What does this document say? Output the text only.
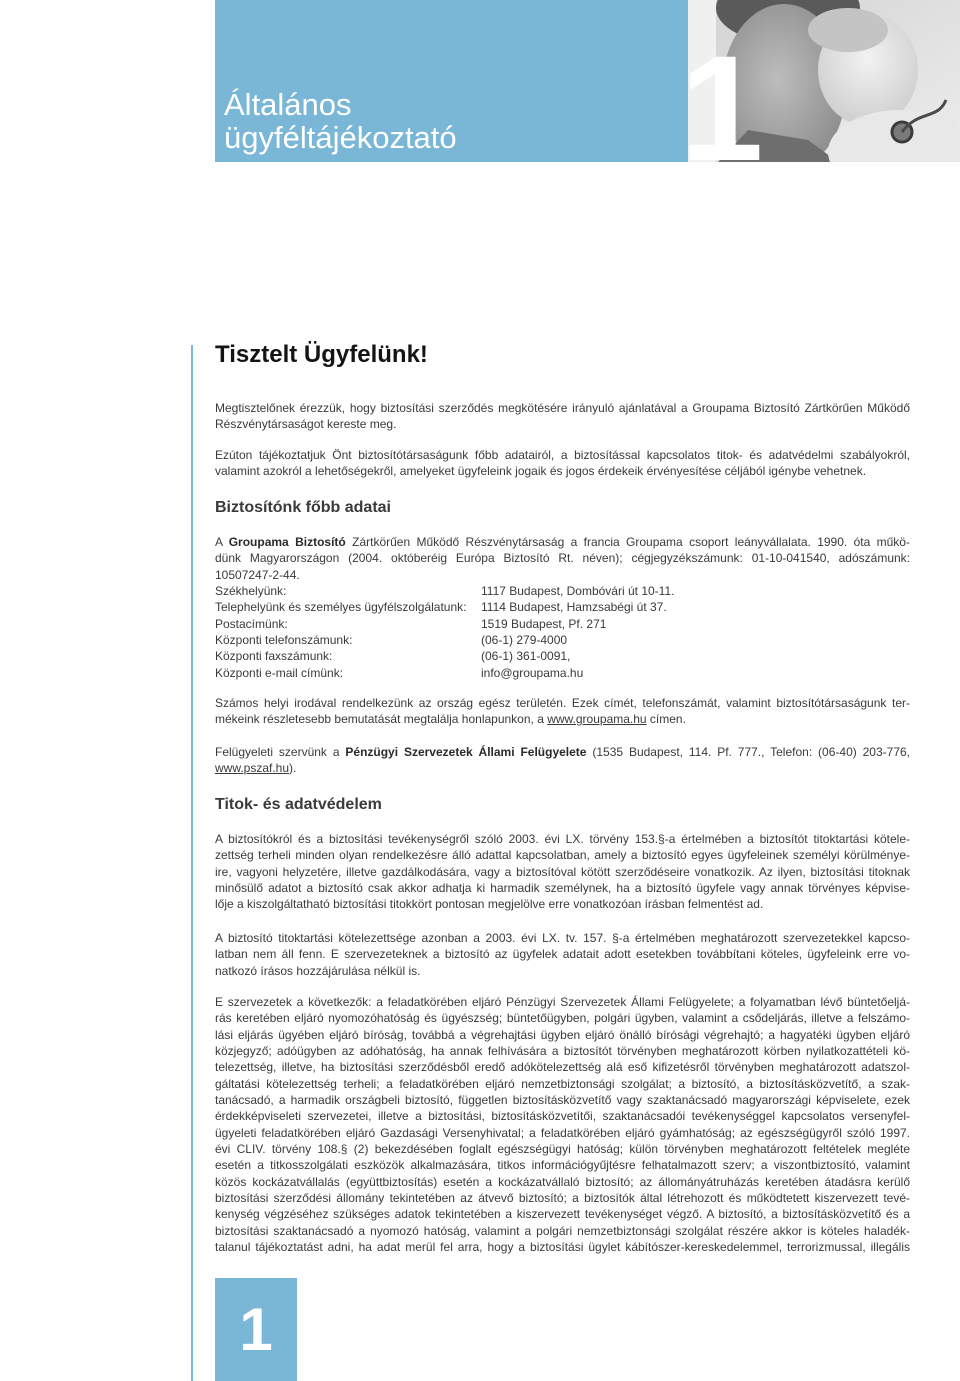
Általános
ügyféltájékoztató 1
Tisztelt Ügyfelünk!
Megtisztelőnek érezzük, hogy biztosítási szerződés megkötésére irányuló ajánlatával a Groupama Biztosító Zártkörűen Működő
Részvénytársaságot kereste meg.
Ezúton tájékoztatjuk Önt biztosítótársaságunk főbb adatairól, a biztosítással kapcsolatos titok- és adatvédelmi szabályokról,
valamint azokról a lehetőségekről, amelyeket ügyfeleink jogaik és jogos érdekeik érvényesítése céljából igénybe vehetnek.
Biztosítónk főbb adatai
A Groupama Biztosító Zártkörűen Működő Részvénytársaság a francia Groupama csoport leányvállalata. 1990. óta műkö-
dünk Magyarországon (2004. októberéig Európa Biztosító Rt. néven); cégjegyzékszámunk: 01-10-041540, adószámunk:
10507247-2-44.
Székhelyünk:	1117 Budapest, Dombóvári út 10-11.
Telephelyünk és személyes ügyfélszolgálatunk:	1114 Budapest, Hamzsabégi út 37.
Postacímünk:	1519 Budapest, Pf. 271
Központi telefonszámunk:	(06-1) 279-4000
Központi faxszámunk:	(06-1) 361-0091,
Központi e-mail címünk:	info@groupama.hu
Számos helyi irodával rendelkezünk az ország egész területén. Ezek címét, telefonszámát, valamint biztosítótársaságunk ter-
mékeink részletesebb bemutatását megtalálja honlapunkon, a www.groupama.hu címen.
Felügyeleti szervünk a Pénzügyi Szervezetek Állami Felügyelete (1535 Budapest, 114. Pf. 777., Telefon: (06-40) 203-776,
www.pszaf.hu).
Titok- és adatvédelem
A biztosítókról és a biztosítási tevékenységről szóló 2003. évi LX. törvény 153.§-a értelmében a biztosítót titoktartási kötele-
zettség terheli minden olyan rendelkezésre álló adattal kapcsolatban, amely a biztosító egyes ügyfeleinek személyi körülménye-
ire, vagyoni helyzetére, illetve gazdálkodására, vagy a biztosítóval kötött szerződéseire vonatkozik. Az ilyen, biztosítási titoknak
minősülő adatot a biztosító csak akkor adhatja ki harmadik személynek, ha a biztosító ügyfele vagy annak törvényes képvise-
lője a kiszolgáltatható biztosítási titokkört pontosan megjelölve erre vonatkozóan írásban felmentést ad.
A biztosító titoktartási kötelezettsége azonban a 2003. évi LX. tv. 157. §-a értelmében meghatározott szervezetekkel kapcso-
latban nem áll fenn. E szervezeteknek a biztosító az ügyfelek adatait adott esetekben továbbítani köteles, ügyfeleink erre vo-
natkozó írásos hozzájárulása nélkül is.
E szervezetek a következők: a feladatkörében eljáró Pénzügyi Szervezetek Állami Felügyelete; a folyamatban lévő büntetőeljá-
rás keretében eljáró nyomozóhatóság és ügyészség; büntetőügyben, polgári ügyben, valamint a csődeljárás, illetve a felszámo-
lási eljárás ügyében eljáró bíróság, továbbá a végrehajtási ügyben eljáró önálló bírósági végrehajtó; a hagyatéki ügyben eljáró
közjegyző; adóügyben az adóhatóság, ha annak felhívására a biztosítót törvényben meghatározott körben nyilatkozattételi kö-
telezettség, illetve, ha biztosítási szerződésből eredő adókötelezettség alá eső kifizetésről törvényben meghatározott adatszol-
gáltatási kötelezettség terheli; a feladatkörében eljáró nemzetbiztonsági szolgálat; a biztosító, a biztosításközvetítő, a szak-
tanácsadó, a harmadik országbeli biztosító, független biztosításközvetítő vagy szaktanácsadó magyarországi képviselete, ezek
érdekképviseleti szervezetei, illetve a biztosítási, biztosításközvetítői, szaktanácsadói tevékenységgel kapcsolatos versenyfel-
ügyeleti feladatkörében eljáró Gazdasági Versenyhivatal; a feladatkörében eljáró gyámhatóság; az egészségügyről szóló 1997.
évi CLIV. törvény 108.§ (2) bekezdésében foglalt egészségügyi hatóság; külön törvényben meghatározott feltételek megléte
esetén a titkosszolgálati eszközök alkalmazására, titkos információgyűjtésre felhatalmazott szerv; a viszontbiztosító, valamint
közös kockázatvállalás (együttbiztosítás) esetén a kockázatvállaló biztosító; az állományátruházás keretében átadásra kerülő
biztosítási szerződési állomány tekintetében az átvevő biztosító; a biztosítók által létrehozott és működtetett kiszervezett tevé-
kenység végzéséhez szükséges adatok tekintetében a kiszervezett tevékenységet végző. A biztosító, a biztosításközvetítő és a
biztosítási szaktanácsadó a nyomozó hatóság, valamint a polgári nemzetbiztonsági szolgálat részére akkor is köteles haladék-
talanul tájékoztatást adni, ha adat merül fel arra, hogy a biztosítási ügylet kábítószer-kereskedelemmel, terrorizmussal, illegális
1
